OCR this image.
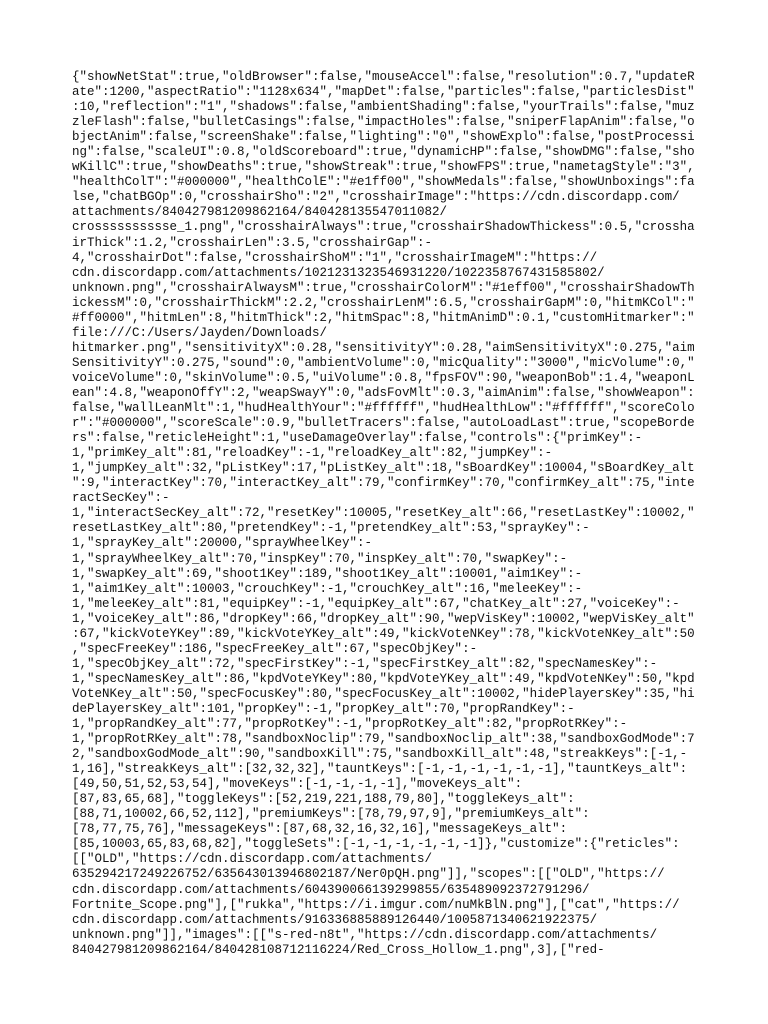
{"showNetStat":true,"oldBrowser":false,"mouseAccel":false,"resolution":0.7,"updateR
ate":1200,"aspectRatio":"1128x634","mapDet":false,"particles":false,"particlesDist"
:10,"reflection":"1","shadows":false,"ambientShading":false,"yourTrails":false,"muz
zleFlash":false,"bulletCasings":false,"impactHoles":false,"sniperFlapAnim":false,"o
bjectAnim":false,"screenShake":false,"lighting":"0","showExplo":false,"postProcessi
ng":false,"scaleUI":0.8,"oldScoreboard":true,"dynamicHP":false,"showDMG":false,"sho
wKillC":true,"showDeaths":true,"showStreak":true,"showFPS":true,"nametagStyle":"3",
"healthColT":"#000000","healthColE":"#e1ff00","showMedals":false,"showUnboxings":fa
lse,"chatBGOp":0,"crosshairSho":"2","crosshairImage":"https://cdn.discordapp.com/
attachments/840427981209862164/840428135547011082/
crosssssssssse_1.png","crosshairAlways":true,"crosshairShadowThickess":0.5,"crossha
irThick":1.2,"crosshairLen":3.5,"crosshairGap":-
4,"crosshairDot":false,"crosshairShoM":"1","crosshairImageM":"https://
cdn.discordapp.com/attachments/1021231323546931220/1022358767431585802/
unknown.png","crosshairAlwaysM":true,"crosshairColorM":"#1eff00","crosshairShadowTh
ickessM":0,"crosshairThickM":2.2,"crosshairLenM":6.5,"crosshairGapM":0,"hitmKCol":"
#ff0000","hitmLen":8,"hitmThick":2,"hitmSpac":8,"hitmAnimD":0.1,"customHitmarker":"
file:///C:/Users/Jayden/Downloads/
hitmarker.png","sensitivityX":0.28,"sensitivityY":0.28,"aimSensitivityX":0.275,"aim
SensitivityY":0.275,"sound":0,"ambientVolume":0,"micQuality":"3000","micVolume":0,"
voiceVolume":0,"skinVolume":0.5,"uiVolume":0.8,"fpsFOV":90,"weaponBob":1.4,"weaponL
ean":4.8,"weaponOffY":2,"weapSwayY":0,"adsFovMlt":0.3,"aimAnim":false,"showWeapon":
false,"wallLeanMlt":1,"hudHealthYour":"#ffffff","hudHealthLow":"#ffffff","scoreColo
r":"#000000","scoreScale":0.9,"bulletTracers":false,"autoLoadLast":true,"scopeBorde
rs":false,"reticleHeight":1,"useDamageOverlay":false,"controls":{"primKey":-
1,"primKey_alt":81,"reloadKey":-1,"reloadKey_alt":82,"jumpKey":-
1,"jumpKey_alt":32,"pListKey":17,"pListKey_alt":18,"sBoardKey":10004,"sBoardKey_alt
":9,"interactKey":70,"interactKey_alt":79,"confirmKey":70,"confirmKey_alt":75,"inte
ractSecKey":-
1,"interactSecKey_alt":72,"resetKey":10005,"resetKey_alt":66,"resetLastKey":10002,"
resetLastKey_alt":80,"pretendKey":-1,"pretendKey_alt":53,"sprayKey":-
1,"sprayKey_alt":20000,"sprayWheelKey":-
1,"sprayWheelKey_alt":70,"inspKey":70,"inspKey_alt":70,"swapKey":-
1,"swapKey_alt":69,"shoot1Key":189,"shoot1Key_alt":10001,"aim1Key":-
1,"aim1Key_alt":10003,"crouchKey":-1,"crouchKey_alt":16,"meleeKey":-
1,"meleeKey_alt":81,"equipKey":-1,"equipKey_alt":67,"chatKey_alt":27,"voiceKey":-
1,"voiceKey_alt":86,"dropKey":66,"dropKey_alt":90,"wepVisKey":10002,"wepVisKey_alt"
:67,"kickVoteYKey":89,"kickVoteYKey_alt":49,"kickVoteNKey":78,"kickVoteNKey_alt":50
,"specFreeKey":186,"specFreeKey_alt":67,"specObjKey":-
1,"specObjKey_alt":72,"specFirstKey":-1,"specFirstKey_alt":82,"specNamesKey":-
1,"specNamesKey_alt":86,"kpdVoteYKey":80,"kpdVoteYKey_alt":49,"kpdVoteNKey":50,"kpd
VoteNKey_alt":50,"specFocusKey":80,"specFocusKey_alt":10002,"hidePlayersKey":35,"hi
dePlayersKey_alt":101,"propKey":-1,"propKey_alt":70,"propRandKey":-
1,"propRandKey_alt":77,"propRotKey":-1,"propRotKey_alt":82,"propRotRKey":-
1,"propRotRKey_alt":78,"sandboxNoclip":79,"sandboxNoclip_alt":38,"sandboxGodMode":7
2,"sandboxGodMode_alt":90,"sandboxKill":75,"sandboxKill_alt":48,"streakKeys":[-1,-
1,16],"streakKeys_alt":[32,32,32],"tauntKeys":[-1,-1,-1,-1,-1,-1],"tauntKeys_alt":
[49,50,51,52,53,54],"moveKeys":[-1,-1,-1,-1],"moveKeys_alt":
[87,83,65,68],"toggleKeys":[52,219,221,188,79,80],"toggleKeys_alt":
[88,71,10002,66,52,112],"premiumKeys":[78,79,97,9],"premiumKeys_alt":
[78,77,75,76],"messageKeys":[87,68,32,16,32,16],"messageKeys_alt":
[85,10003,65,83,68,82],"toggleSets":[-1,-1,-1,-1,-1,-1]},"customize":{"reticles":
[["OLD","https://cdn.discordapp.com/attachments/
635294217249226752/635643013946802187/Ner0pQH.png"]],"scopes":[["OLD","https://
cdn.discordapp.com/attachments/604390066139299855/635489092372791296/
Fortnite_Scope.png"],["rukka","https://i.imgur.com/nuMkBlN.png"],["cat","https://
cdn.discordapp.com/attachments/916336885889126440/1005871340621922375/
unknown.png"]],"images":[["s-red-n8t","https://cdn.discordapp.com/attachments/
840427981209862164/840428108712116224/Red_Cross_Hollow_1.png",3],["red-
